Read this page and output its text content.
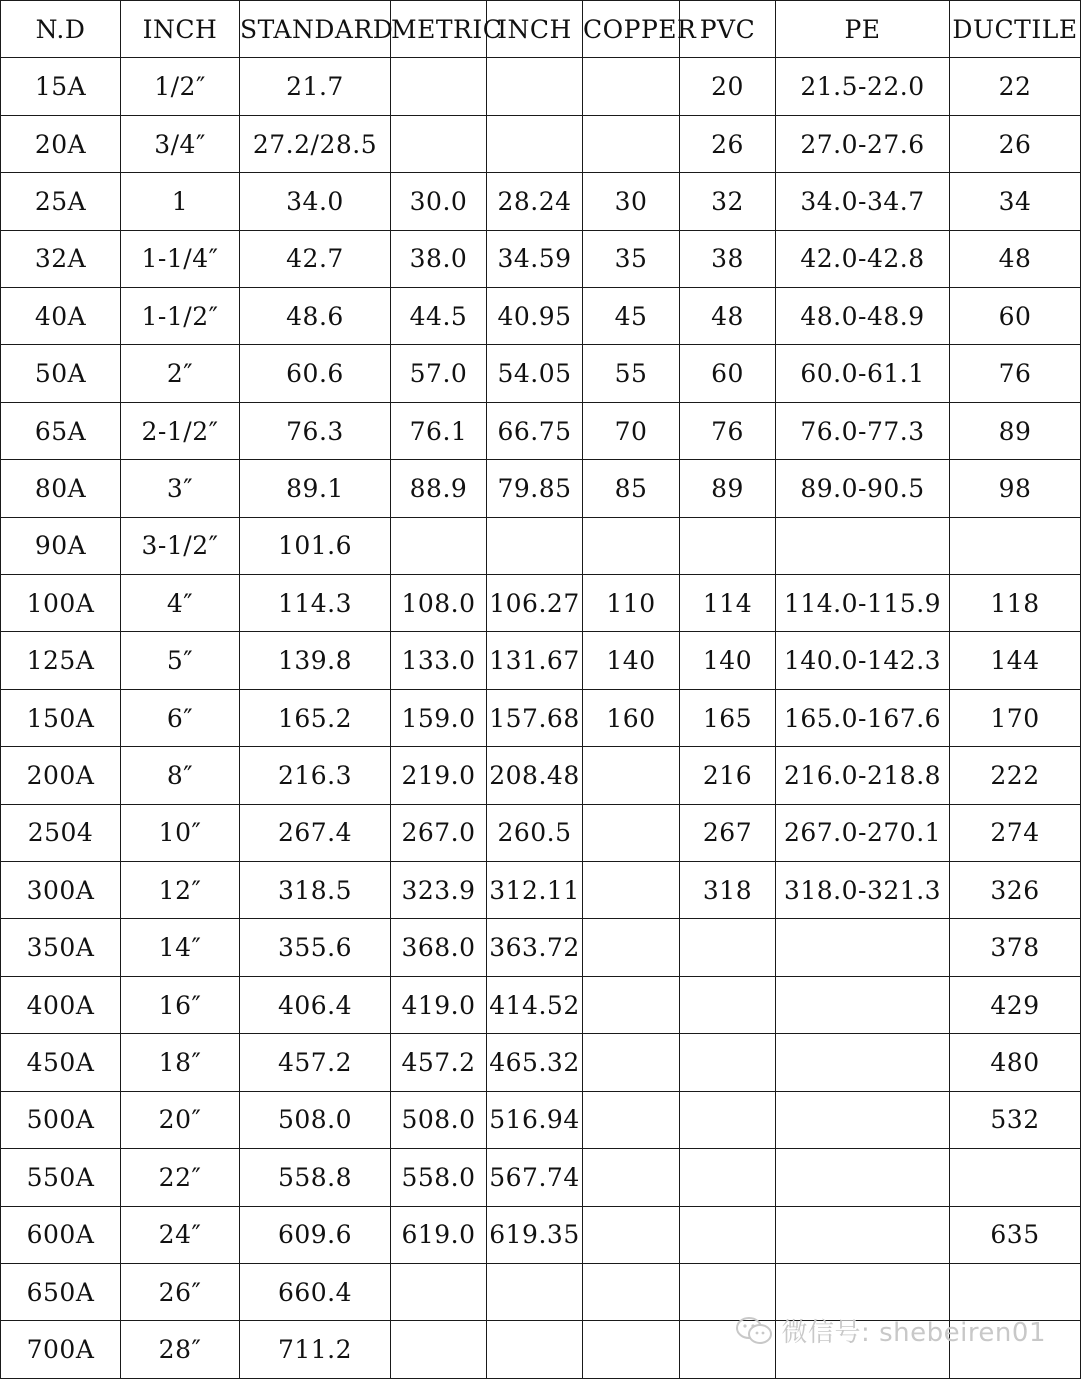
N.D	INCH	STANDARD	METRIC	INCH	COPPER	PVC	PE	DUCTILE
15A	1/2″	21.7				20	21.5-22.0	22
20A	3/4″	27.2/28.5				26	27.0-27.6	26
25A	1	34.0	30.0	28.24	30	32	34.0-34.7	34
32A	1-1/4″	42.7	38.0	34.59	35	38	42.0-42.8	48
40A	1-1/2″	48.6	44.5	40.95	45	48	48.0-48.9	60
50A	2″	60.6	57.0	54.05	55	60	60.0-61.1	76
65A	2-1/2″	76.3	76.1	66.75	70	76	76.0-77.3	89
80A	3″	89.1	88.9	79.85	85	89	89.0-90.5	98
90A	3-1/2″	101.6						
100A	4″	114.3	108.0	106.27	110	114	114.0-115.9	118
125A	5″	139.8	133.0	131.67	140	140	140.0-142.3	144
150A	6″	165.2	159.0	157.68	160	165	165.0-167.6	170
200A	8″	216.3	219.0	208.48		216	216.0-218.8	222
2504	10″	267.4	267.0	260.5		267	267.0-270.1	274
300A	12″	318.5	323.9	312.11		318	318.0-321.3	326
350A	14″	355.6	368.0	363.72				378
400A	16″	406.4	419.0	414.52				429
450A	18″	457.2	457.2	465.32				480
500A	20″	508.0	508.0	516.94				532
550A	22″	558.8	558.0	567.74				
600A	24″	609.6	619.0	619.35				635
650A	26″	660.4						
700A	28″	711.2						
微信号: shebeiren01
